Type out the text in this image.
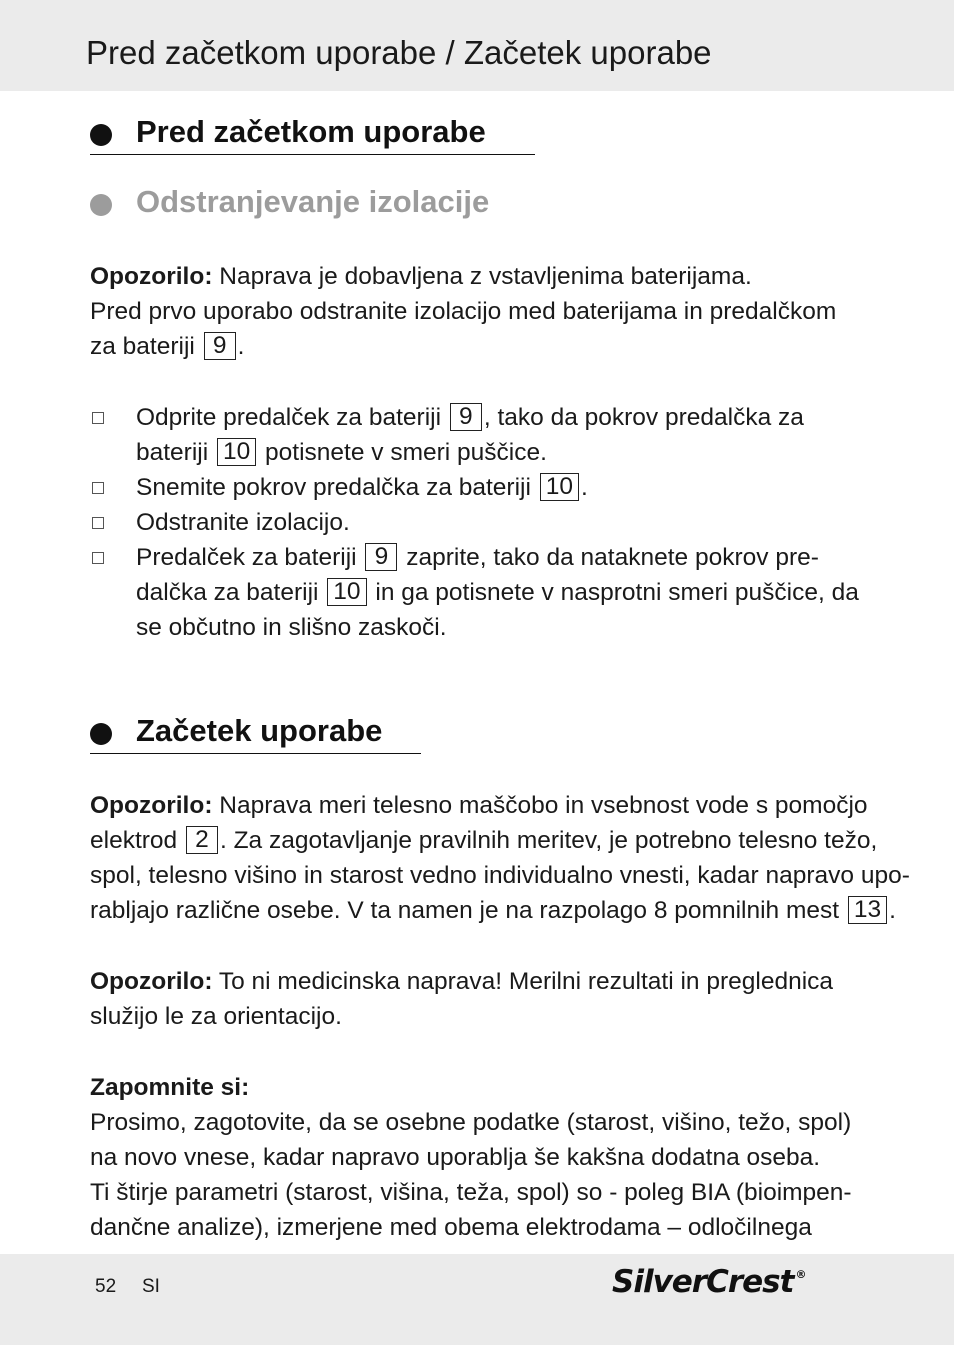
Pred začetkom uporabe / Začetek uporabe
Pred začetkom uporabe
Odstranjevanje izolacije
Opozorilo: Naprava je dobavljena z vstavljenima baterijama.
Pred prvo uporabo odstranite izolacijo med baterijama in predalčkom
za bateriji 9 .
Odprite predalček za bateriji 9 , tako da pokrov predalčka za
bateriji 10 potisnete v smeri puščice.
Snemite pokrov predalčka za bateriji 10 .
Odstranite izolacijo.
Predalček za bateriji 9 zaprite, tako da nataknete pokrov pre-
dalčka za bateriji 10 in ga potisnete v nasprotni smeri puščice, da
se občutno in slišno zaskoči.
Začetek uporabe
Opozorilo: Naprava meri telesno maščobo in vsebnost vode s pomočjo
elektrod 2 . Za zagotavljanje pravilnih meritev, je potrebno telesno težo,
spol, telesno višino in starost vedno individualno vnesti, kadar napravo upo-
rabljajo različne osebe. V ta namen je na razpolago 8 pomnilnih mest 13 .
Opozorilo: To ni medicinska naprava! Merilni rezultati in preglednica
služijo le za orientacijo.
Zapomnite si:
Prosimo, zagotovite, da se osebne podatke (starost, višino, težo, spol)
na novo vnese, kadar napravo uporablja še kakšna dodatna oseba.
Ti štirje parametri (starost, višina, teža, spol) so - poleg BIA (bioimpen-
dančne analize), izmerjene med obema elektrodama – odločilnega
52 SI	SilverCrest ®
